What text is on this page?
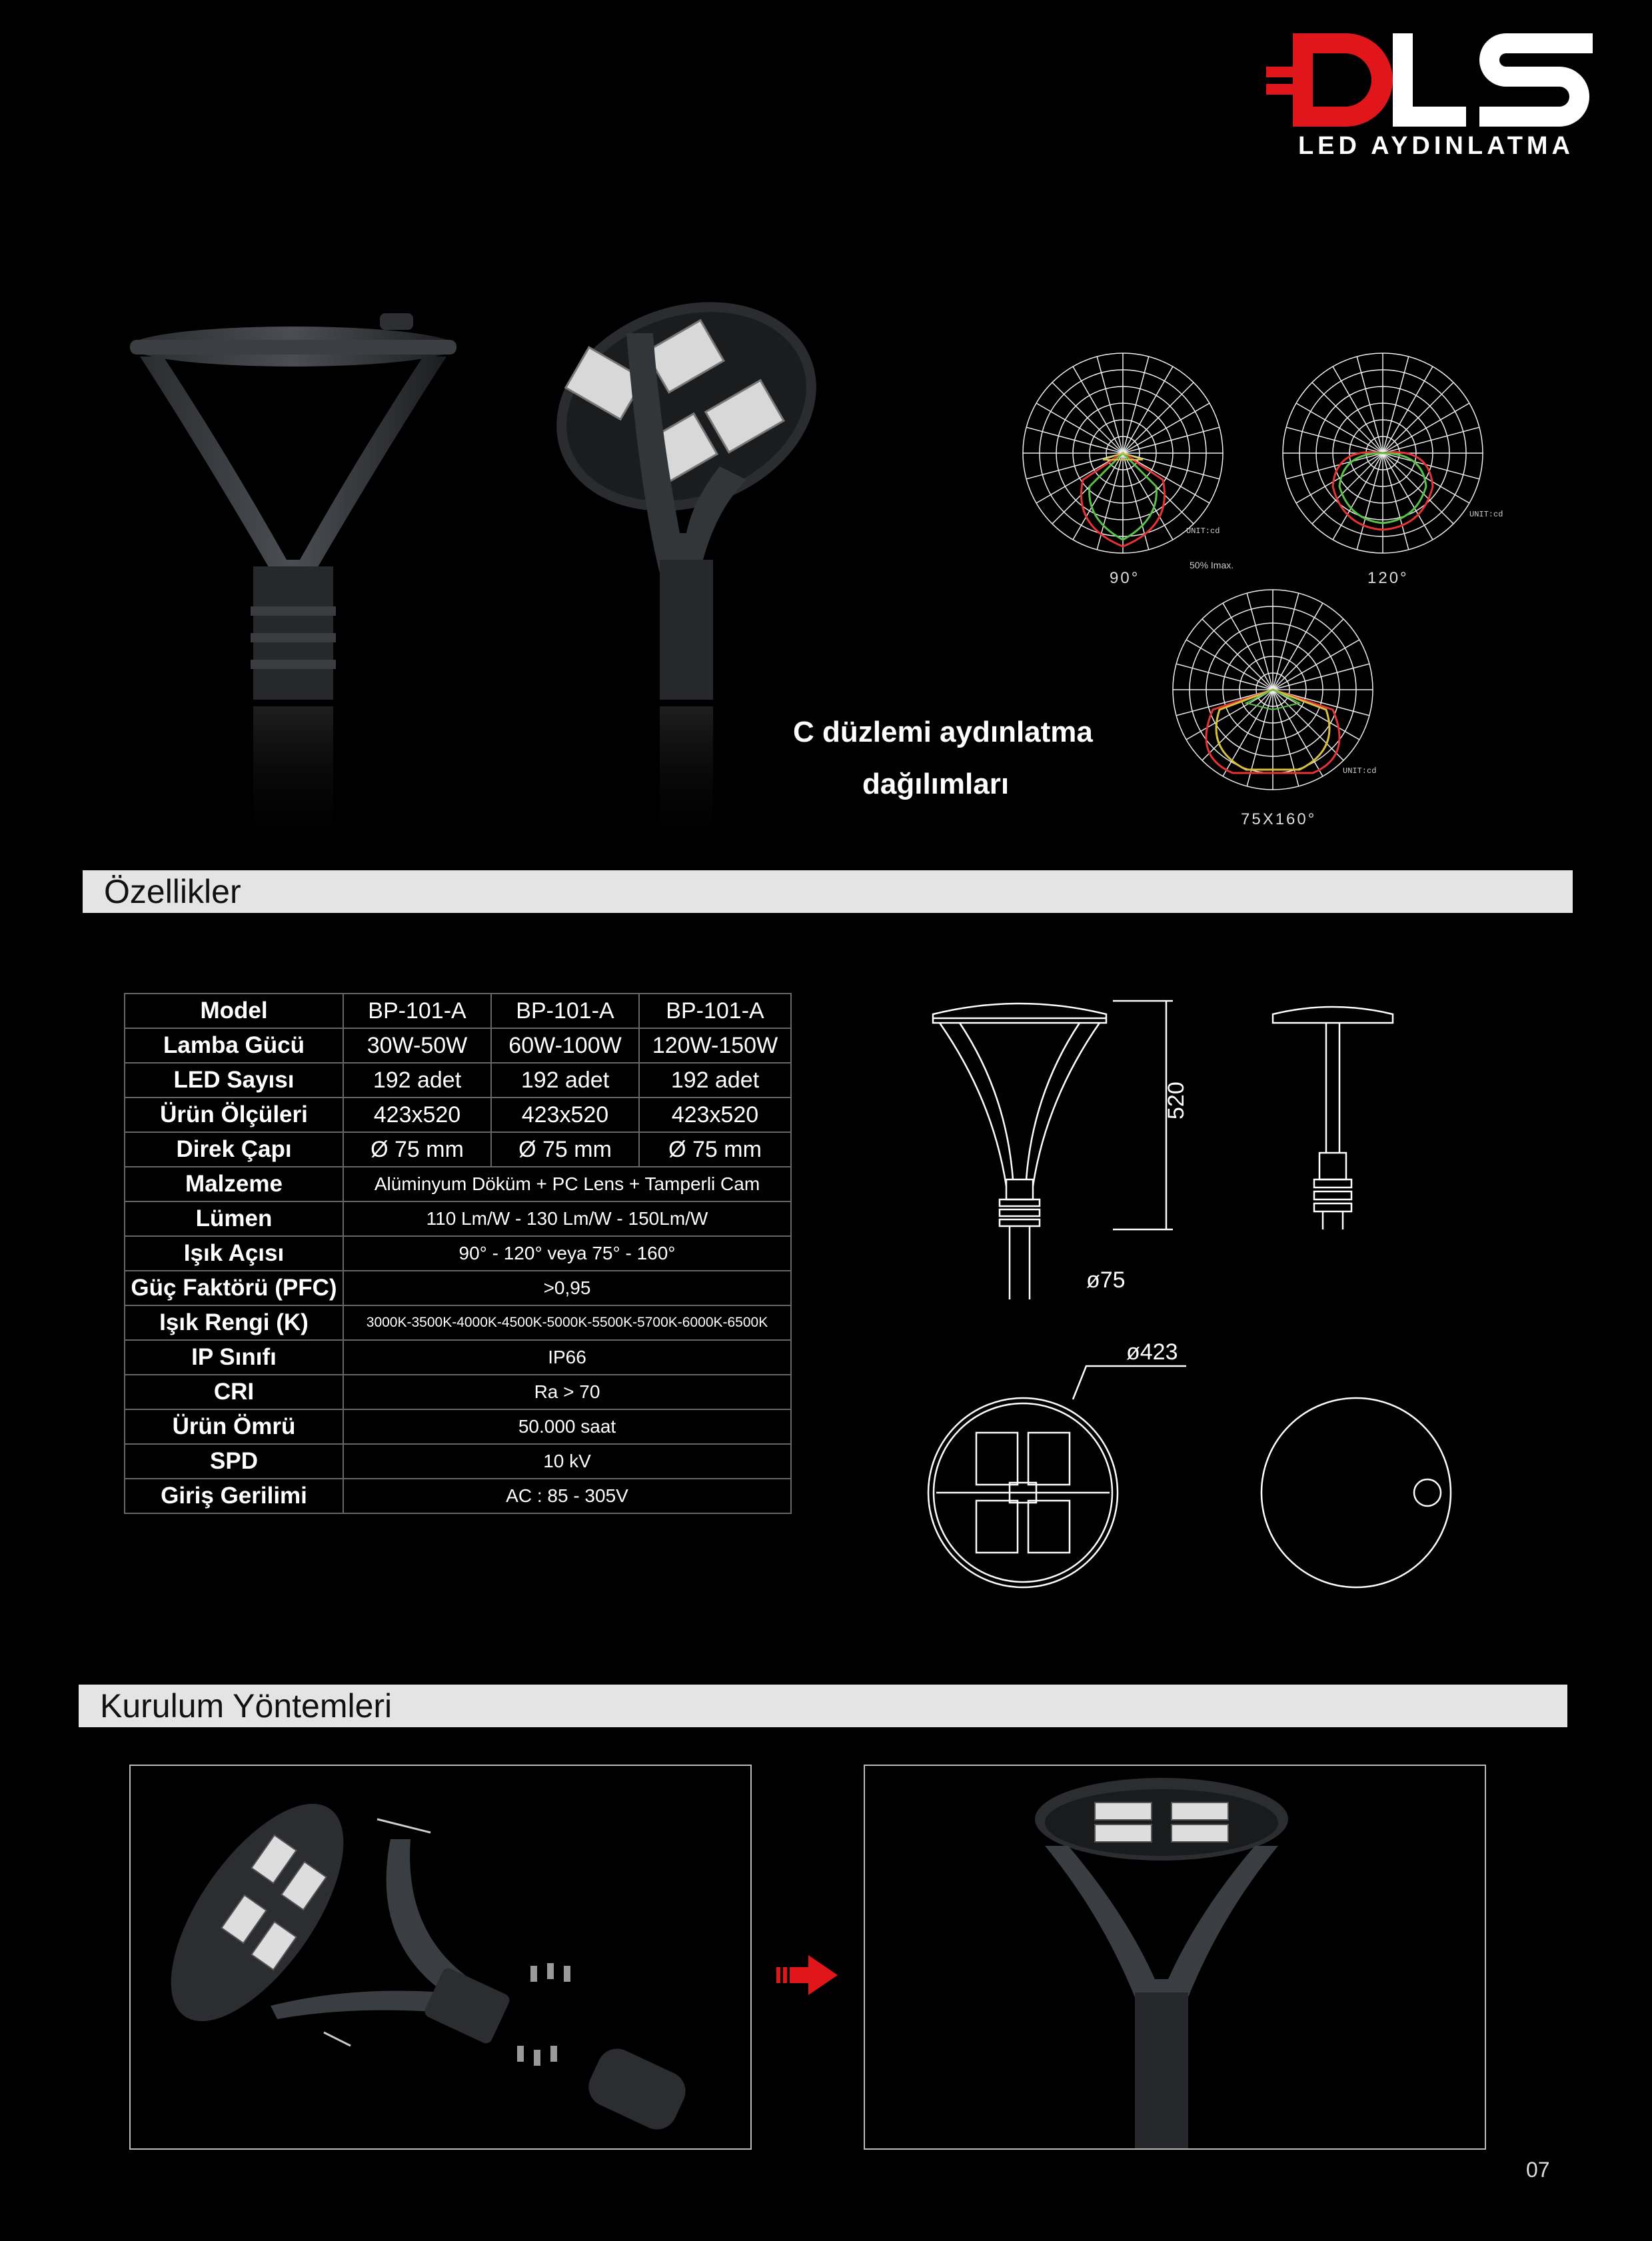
LED AYDINLATMA
90°
50% Imax.
UNIT:cd
120°
UNIT:cd
75X160°
UNIT:cd
C düzlemi aydınlatma
dağılımları
Özellikler
Model	BP-101-A	BP-101-A	BP-101-A
Lamba Gücü	30W-50W	60W-100W	120W-150W
LED Sayısı	192 adet	192 adet	192 adet
Ürün Ölçüleri	423x520	423x520	423x520
Direk Çapı	Ø 75 mm	Ø 75 mm	Ø 75 mm
Malzeme	Alüminyum Döküm + PC Lens + Tamperli Cam		
Lümen	110 Lm/W - 130 Lm/W - 150Lm/W		
Işık Açısı	90° - 120° veya 75° - 160°		
Güç Faktörü (PFC)	>0,95		
Işık Rengi (K)	3000K-3500K-4000K-4500K-5000K-5500K-5700K-6000K-6500K		
IP Sınıfı	IP66		
CRI	Ra > 70		
Ürün Ömrü	50.000 saat		
SPD	10 kV		
Giriş Gerilimi	AC : 85 - 305V		
520
ø75
ø423
Kurulum Yöntemleri
07
